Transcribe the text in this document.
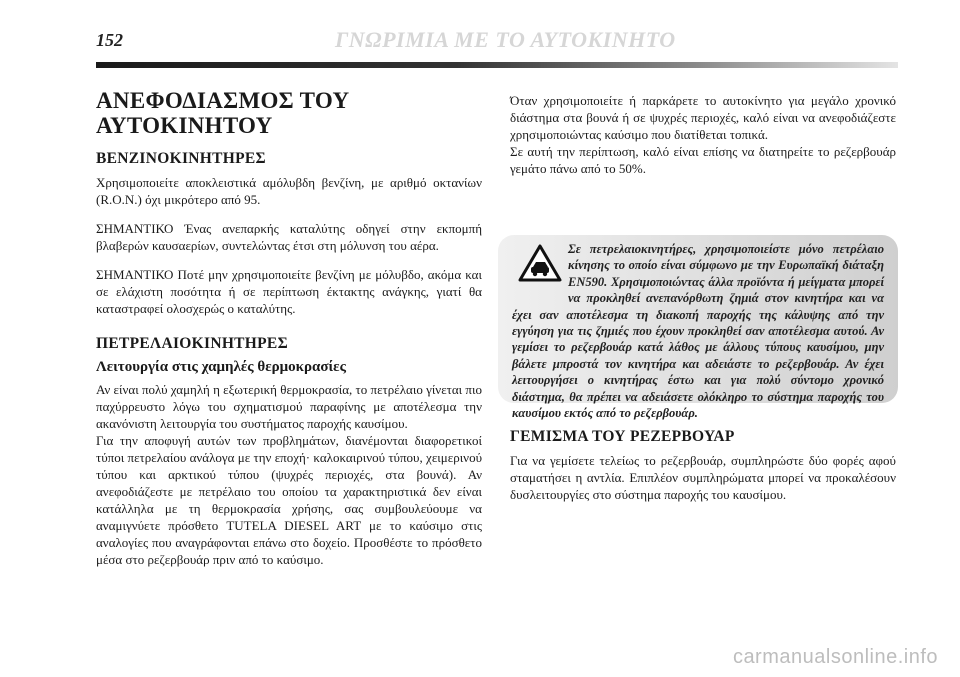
152	ΓΝΩΡΙΜΙΑ ΜΕ ΤΟ ΑΥΤΟΚΙΝΗΤΟ
ΑΝΕΦΟΔΙΑΣΜΟΣ ΤΟΥ
ΑΥΤΟΚΙΝΗΤΟΥ
ΒΕΝΖΙΝΟΚΙΝΗΤΗΡΕΣ

Χρησιμοποιείτε αποκλειστικά αμόλυβδη βενζίνη, με αριθμό οκτανίων (R.O.N.) όχι μικρότερο από 95.

ΣΗΜΑΝΤΙΚΟ Ένας ανεπαρκής καταλύτης οδηγεί στην εκπομπή βλαβερών καυσαερίων, συντελώντας έτσι στη μόλυνση του αέρα.

ΣΗΜΑΝΤΙΚΟ Ποτέ μην χρησιμοποιείτε βενζίνη με μόλυβδο, ακόμα και σε ελάχιστη ποσότητα ή σε περίπτωση έκτακτης ανάγκης, γιατί θα καταστραφεί ολοσχερώς ο καταλύτης.

ΠΕΤΡΕΛΑΙΟΚΙΝΗΤΗΡΕΣ
Λειτουργία στις χαμηλές θερμοκρασίες

Αν είναι πολύ χαμηλή η εξωτερική θερμοκρασία, το πετρέλαιο γίνεται πιο παχύρρευστο λόγω του σχηματισμού παραφίνης με αποτέλεσμα την ακανόνιστη λειτουργία του συστήματος παροχής καυσίμου.

Για την αποφυγή αυτών των προβλημάτων, διανέμονται διαφορετικοί τύποι πετρελαίου ανάλογα με την εποχή· καλοκαιρινού τύπου, χειμερινού τύπου και αρκτικού τύπου (ψυχρές περιοχές, στα βουνά). Αν ανεφοδιάζεστε με πετρέλαιο του οποίου τα χαρακτηριστικά δεν είναι κατάλληλα με τη θερμοκρασία χρήσης, σας συμβουλεύουμε να αναμιγνύετε πρόσθετο TUTELA DIESEL ART με το καύσιμο στις αναλογίες που αναγράφονται επάνω στο δοχείο. Προσθέστε το πρόσθετο μέσα στο ρεζερβουάρ πριν από το καύσιμο.

Όταν χρησιμοποιείτε ή παρκάρετε το αυτοκίνητο για μεγάλο χρονικό διάστημα στα βουνά ή σε ψυχρές περιοχές, καλό είναι να ανεφοδιάζεστε χρησιμοποιώντας καύσιμο που διατίθεται τοπικά.

Σε αυτή την περίπτωση, καλό είναι επίσης να διατηρείτε το ρεζερβουάρ γεμάτο πάνω από το 50%.

Σε πετρελαιοκινητήρες, χρησιμοποιείστε μόνο πετρέλαιο κίνησης το οποίο είναι σύμφωνο με την Ευρωπαϊκή διάταξη EN590. Χρησιμοποιώντας άλλα προϊόντα ή μείγματα μπορεί να προκληθεί ανεπανόρθωτη ζημιά στον κινητήρα και να έχει σαν αποτέλεσμα τη διακοπή παροχής της κάλυψης από την εγγύηση για τις ζημιές που έχουν προκληθεί σαν αποτέλεσμα αυτού. Αν γεμίσει το ρεζερβουάρ κατά λάθος με άλλους τύπους καυσίμου, μην βάλετε μπροστά τον κινητήρα και αδειάστε το ρεζερβουάρ. Αν έχει λειτουργήσει ο κινητήρας έστω και για πολύ σύντομο χρονικό διάστημα, θα πρέπει να αδειάσετε ολόκληρο το σύστημα παροχής του καυσίμου εκτός από το ρεζερβουάρ.
ΓΕΜΙΣΜΑ ΤΟΥ ΡΕΖΕΡΒΟΥΑΡ

Για να γεμίσετε τελείως το ρεζερβουάρ, συμπληρώστε δύο φορές αφού σταματήσει η αντλία. Επιπλέον συμπληρώματα μπορεί να προκαλέσουν δυσλειτουργίες στο σύστημα παροχής του καυσίμου.

carmanualsonline.info
